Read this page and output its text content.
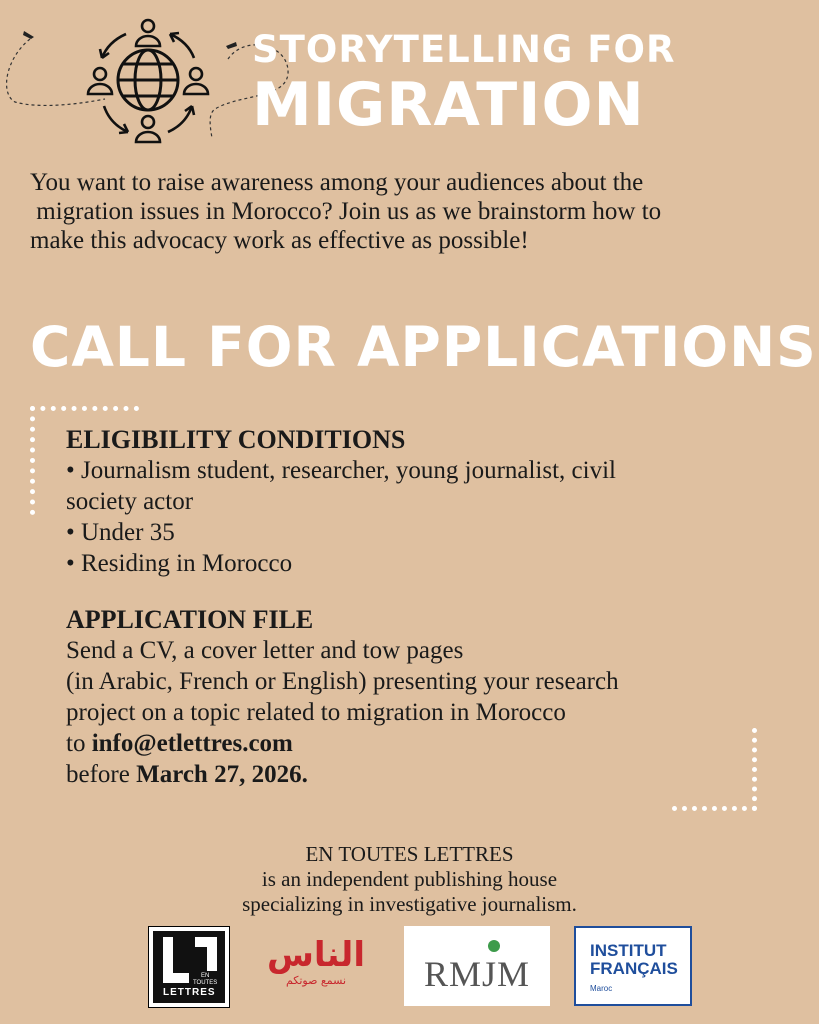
STORYTELLING FOR
MIGRATION
You want to raise awareness among your audiences about the
migration issues in Morocco? Join us as we brainstorm how to
make this advocacy work as effective as possible!
CALL FOR APPLICATIONS
ELIGIBILITY CONDITIONS
• Journalism student, researcher, young journalist, civil
society actor
• Under 35
• Residing in Morocco
APPLICATION FILE
Send a CV, a cover letter and tow pages
(in Arabic, French or English) presenting your research
project on a topic related to migration in Morocco
to info@etlettres.com
before March 27, 2026.
EN TOUTES LETTRES
is an independent publishing house
specializing in investigative journalism.
EN
TOUTES
LETTRES
الناس
نسمع صوتكم	RMJM
INSTITUT
FRANÇAIS
Maroc
